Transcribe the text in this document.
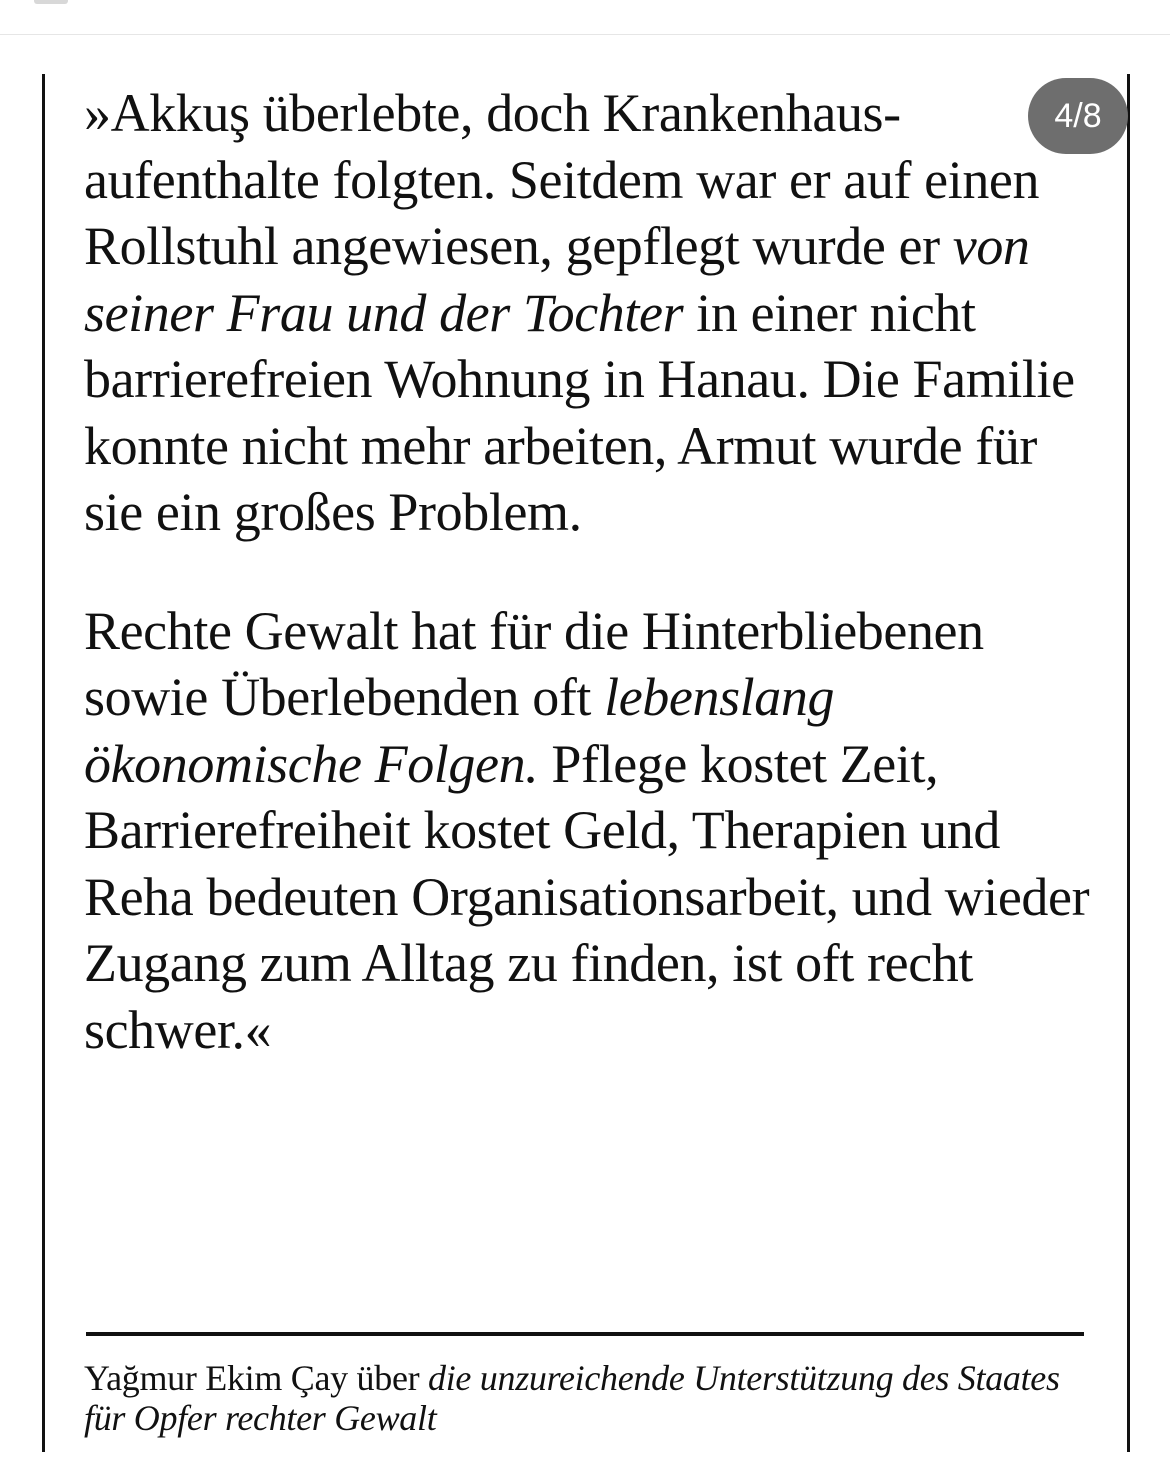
»Akkuş überlebte, doch Krankenhausaufenthalte folgten. Seitdem war er auf einen Rollstuhl angewiesen, gepflegt wurde er von seiner Frau und der Tochter in einer nicht barrierefreien Wohnung in Hanau. Die Familie konnte nicht mehr arbeiten, Armut wurde für sie ein großes Problem.

Rechte Gewalt hat für die Hinterbliebenen sowie Überlebenden oft lebenslang ökonomische Folgen. Pflege kostet Zeit, Barrierefreiheit kostet Geld, Therapien und Reha bedeuten Organisationsarbeit, und wieder Zugang zum Alltag zu finden, ist oft recht schwer.«

4/8
Yağmur Ekim Çay über die unzureichende Unterstützung des Staates für Opfer rechter Gewalt
